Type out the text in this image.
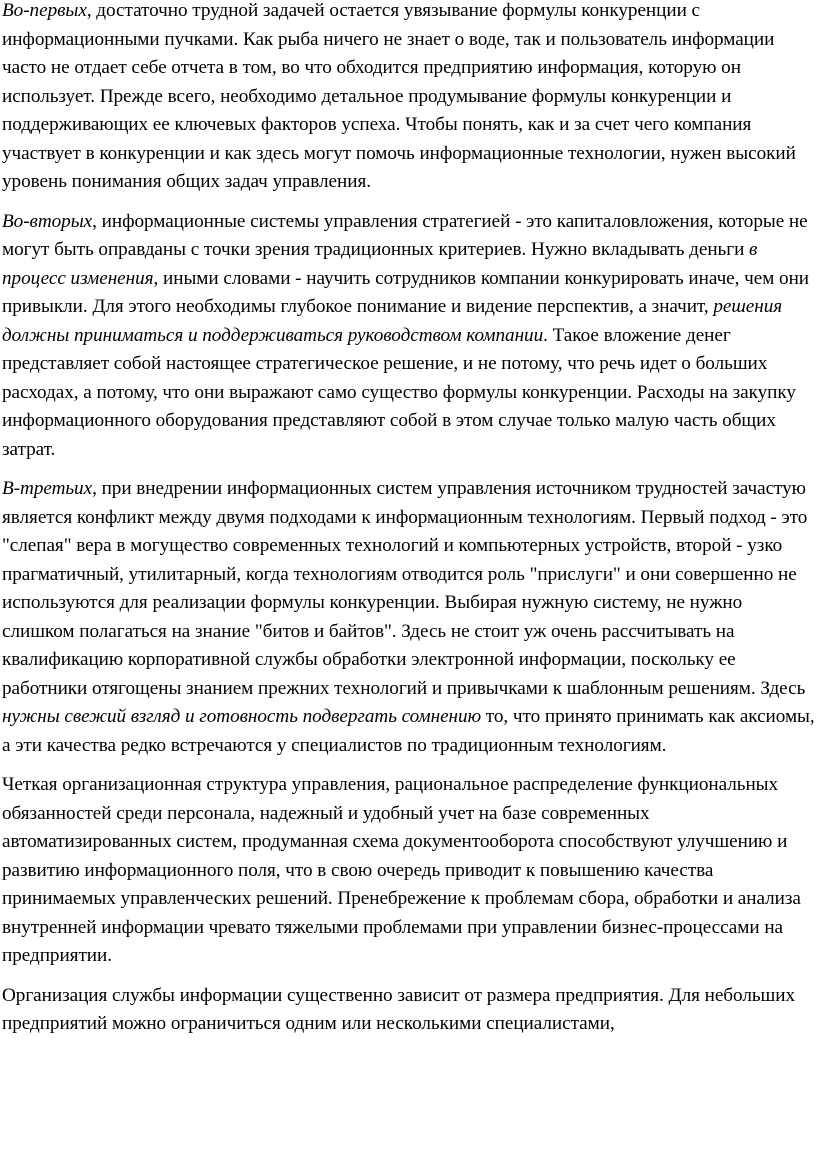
Во-первых, достаточно трудной задачей остается увязывание формулы конкуренции с информационными пучками. Как рыба ничего не знает о воде, так и пользователь информации часто не отдает себе отчета в том, во что обходится предприятию информация, которую он использует. Прежде всего, необходимо детальное продумывание формулы конкуренции и поддерживающих ее ключевых факторов успеха. Чтобы понять, как и за счет чего компания участвует в конкуренции и как здесь могут помочь информационные технологии, нужен высокий уровень понимания общих задач управления.

Во-вторых, информационные системы управления стратегией - это капиталовложения, которые не могут быть оправданы с точки зрения традиционных критериев. Нужно вкладывать деньги в процесс изменения, иными словами - научить сотрудников компании конкурировать иначе, чем они привыкли. Для этого необходимы глубокое понимание и видение перспектив, а значит, решения должны приниматься и поддерживаться руководством компании. Такое вложение денег представляет собой настоящее стратегическое решение, и не потому, что речь идет о больших расходах, а потому, что они выражают само существо формулы конкуренции. Расходы на закупку информационного оборудования представляют собой в этом случае только малую часть общих затрат.

В-третьих, при внедрении информационных систем управления источником трудностей зачастую является конфликт между двумя подходами к информационным технологиям. Первый подход - это "слепая" вера в могущество современных технологий и компьютерных устройств, второй - узко прагматичный, утилитарный, когда технологиям отводится роль "прислуги" и они совершенно не используются для реализации формулы конкуренции. Выбирая нужную систему, не нужно слишком полагаться на знание "битов и байтов". Здесь не стоит уж очень рассчитывать на квалификацию корпоративной службы обработки электронной информации, поскольку ее работники отягощены знанием прежних технологий и привычками к шаблонным решениям. Здесь нужны свежий взгляд и готовность подвергать сомнению то, что принято принимать как аксиомы, а эти качества редко встречаются у специалистов по традиционным технологиям.

Четкая организационная структура управления, рациональное распределение функциональных обязанностей среди персонала, надежный и удобный учет на базе современных автоматизированных систем, продуманная схема документооборота способствуют улучшению и развитию информационного поля, что в свою очередь приводит к повышению качества принимаемых управленческих решений. Пренебрежение к проблемам сбора, обработки и анализа внутренней информации чревато тяжелыми проблемами при управлении бизнес-процессами на предприятии.

Организация службы информации существенно зависит от размера предприятия. Для небольших предприятий можно ограничиться одним или несколькими специалистами,
